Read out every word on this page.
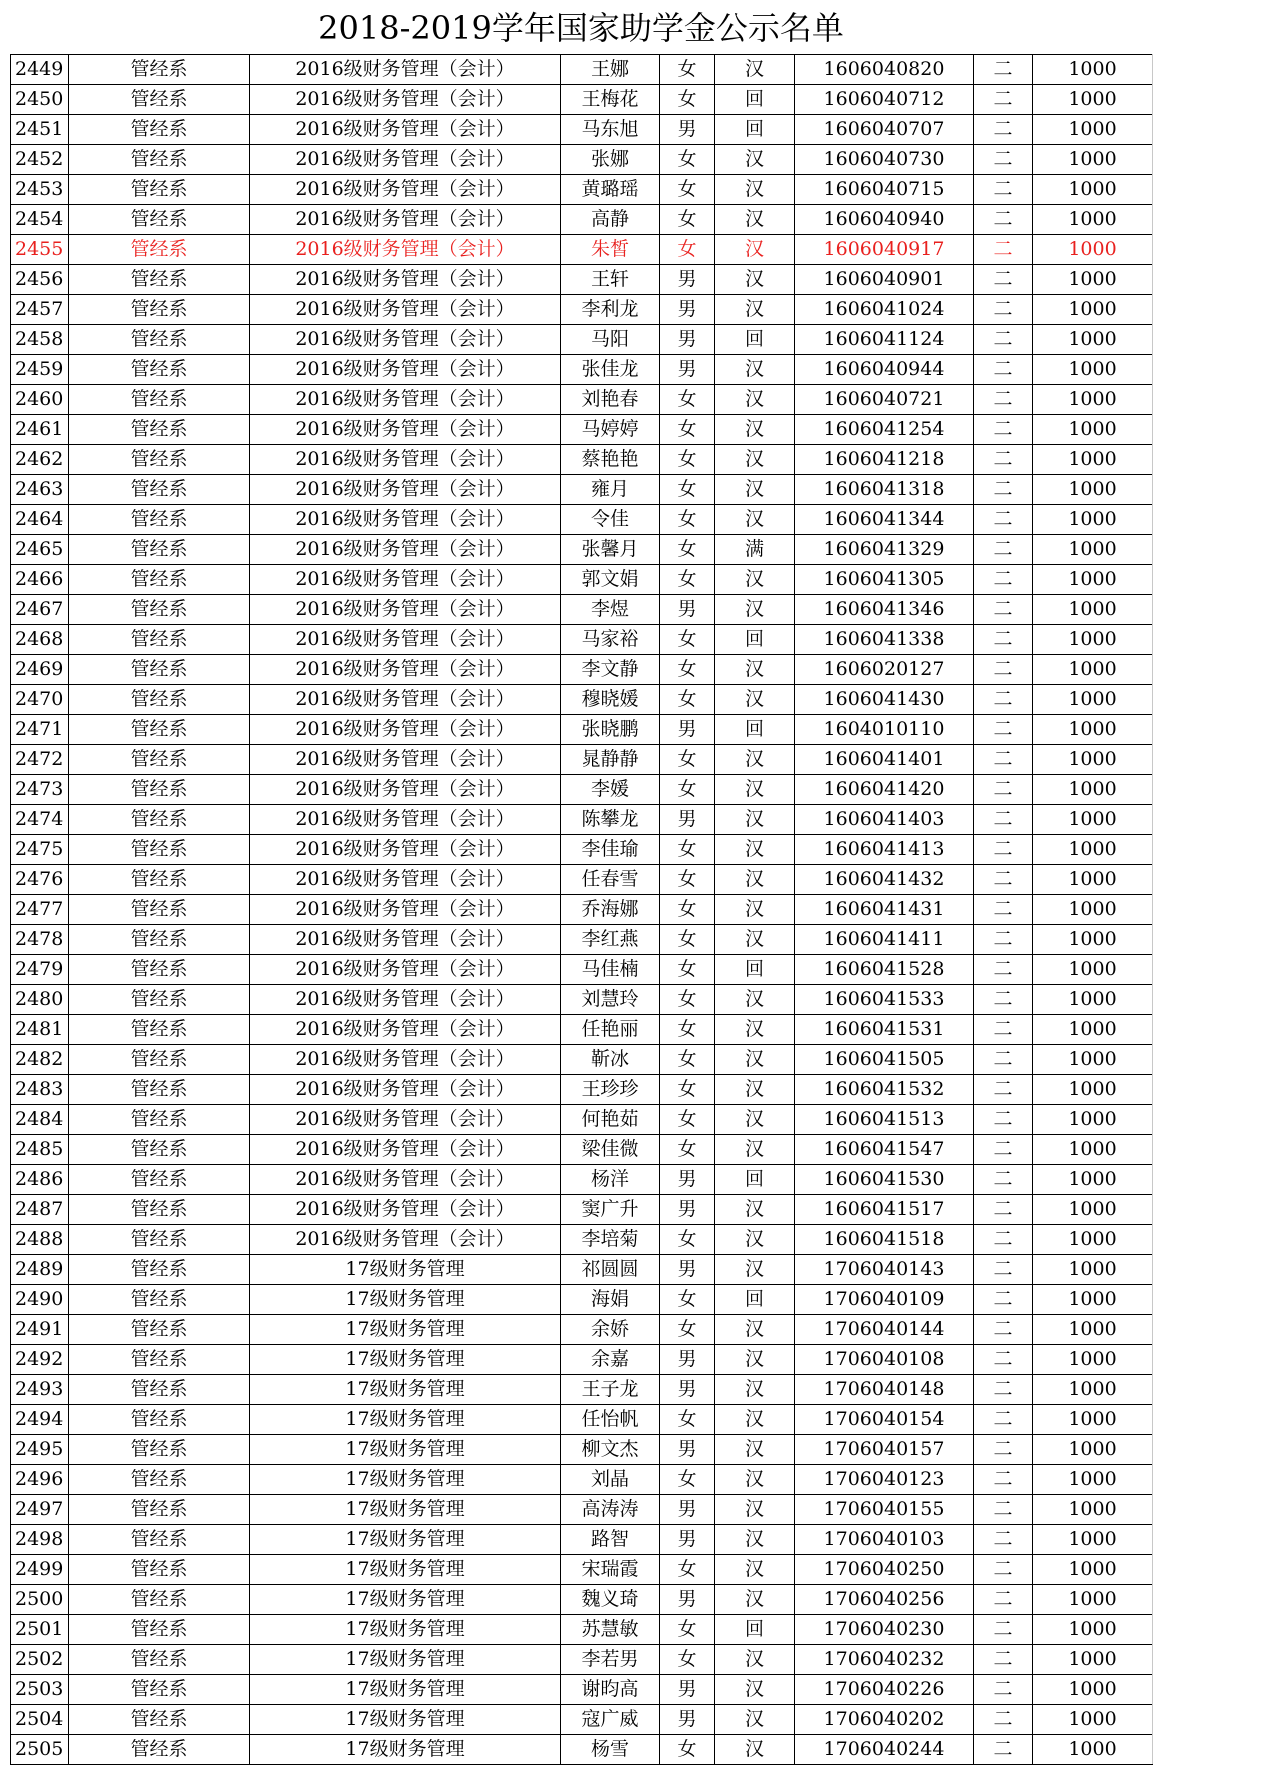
2018-2019学年国家助学金公示名单
2449	管经系	2016级财务管理（会计）	王娜	女	汉	1606040820	二	1000
2450	管经系	2016级财务管理（会计）	王梅花	女	回	1606040712	二	1000
2451	管经系	2016级财务管理（会计）	马东旭	男	回	1606040707	二	1000
2452	管经系	2016级财务管理（会计）	张娜	女	汉	1606040730	二	1000
2453	管经系	2016级财务管理（会计）	黄璐瑶	女	汉	1606040715	二	1000
2454	管经系	2016级财务管理（会计）	高静	女	汉	1606040940	二	1000
2455	管经系	2016级财务管理（会计）	朱皙	女	汉	1606040917	二	1000
2456	管经系	2016级财务管理（会计）	王轩	男	汉	1606040901	二	1000
2457	管经系	2016级财务管理（会计）	李利龙	男	汉	1606041024	二	1000
2458	管经系	2016级财务管理（会计）	马阳	男	回	1606041124	二	1000
2459	管经系	2016级财务管理（会计）	张佳龙	男	汉	1606040944	二	1000
2460	管经系	2016级财务管理（会计）	刘艳春	女	汉	1606040721	二	1000
2461	管经系	2016级财务管理（会计）	马婷婷	女	汉	1606041254	二	1000
2462	管经系	2016级财务管理（会计）	蔡艳艳	女	汉	1606041218	二	1000
2463	管经系	2016级财务管理（会计）	雍月	女	汉	1606041318	二	1000
2464	管经系	2016级财务管理（会计）	令佳	女	汉	1606041344	二	1000
2465	管经系	2016级财务管理（会计）	张馨月	女	满	1606041329	二	1000
2466	管经系	2016级财务管理（会计）	郭文娟	女	汉	1606041305	二	1000
2467	管经系	2016级财务管理（会计）	李煜	男	汉	1606041346	二	1000
2468	管经系	2016级财务管理（会计）	马家裕	女	回	1606041338	二	1000
2469	管经系	2016级财务管理（会计）	李文静	女	汉	1606020127	二	1000
2470	管经系	2016级财务管理（会计）	穆晓媛	女	汉	1606041430	二	1000
2471	管经系	2016级财务管理（会计）	张晓鹏	男	回	1604010110	二	1000
2472	管经系	2016级财务管理（会计）	晁静静	女	汉	1606041401	二	1000
2473	管经系	2016级财务管理（会计）	李媛	女	汉	1606041420	二	1000
2474	管经系	2016级财务管理（会计）	陈攀龙	男	汉	1606041403	二	1000
2475	管经系	2016级财务管理（会计）	李佳瑜	女	汉	1606041413	二	1000
2476	管经系	2016级财务管理（会计）	任春雪	女	汉	1606041432	二	1000
2477	管经系	2016级财务管理（会计）	乔海娜	女	汉	1606041431	二	1000
2478	管经系	2016级财务管理（会计）	李红燕	女	汉	1606041411	二	1000
2479	管经系	2016级财务管理（会计）	马佳楠	女	回	1606041528	二	1000
2480	管经系	2016级财务管理（会计）	刘慧玲	女	汉	1606041533	二	1000
2481	管经系	2016级财务管理（会计）	任艳丽	女	汉	1606041531	二	1000
2482	管经系	2016级财务管理（会计）	靳冰	女	汉	1606041505	二	1000
2483	管经系	2016级财务管理（会计）	王珍珍	女	汉	1606041532	二	1000
2484	管经系	2016级财务管理（会计）	何艳茹	女	汉	1606041513	二	1000
2485	管经系	2016级财务管理（会计）	梁佳微	女	汉	1606041547	二	1000
2486	管经系	2016级财务管理（会计）	杨洋	男	回	1606041530	二	1000
2487	管经系	2016级财务管理（会计）	窦广升	男	汉	1606041517	二	1000
2488	管经系	2016级财务管理（会计）	李培菊	女	汉	1606041518	二	1000
2489	管经系	17级财务管理	祁圆圆	男	汉	1706040143	二	1000
2490	管经系	17级财务管理	海娟	女	回	1706040109	二	1000
2491	管经系	17级财务管理	余娇	女	汉	1706040144	二	1000
2492	管经系	17级财务管理	余嘉	男	汉	1706040108	二	1000
2493	管经系	17级财务管理	王子龙	男	汉	1706040148	二	1000
2494	管经系	17级财务管理	任怡帆	女	汉	1706040154	二	1000
2495	管经系	17级财务管理	柳文杰	男	汉	1706040157	二	1000
2496	管经系	17级财务管理	刘晶	女	汉	1706040123	二	1000
2497	管经系	17级财务管理	高涛涛	男	汉	1706040155	二	1000
2498	管经系	17级财务管理	路智	男	汉	1706040103	二	1000
2499	管经系	17级财务管理	宋瑞霞	女	汉	1706040250	二	1000
2500	管经系	17级财务管理	魏义琦	男	汉	1706040256	二	1000
2501	管经系	17级财务管理	苏慧敏	女	回	1706040230	二	1000
2502	管经系	17级财务管理	李若男	女	汉	1706040232	二	1000
2503	管经系	17级财务管理	谢昀高	男	汉	1706040226	二	1000
2504	管经系	17级财务管理	寇广威	男	汉	1706040202	二	1000
2505	管经系	17级财务管理	杨雪	女	汉	1706040244	二	1000
